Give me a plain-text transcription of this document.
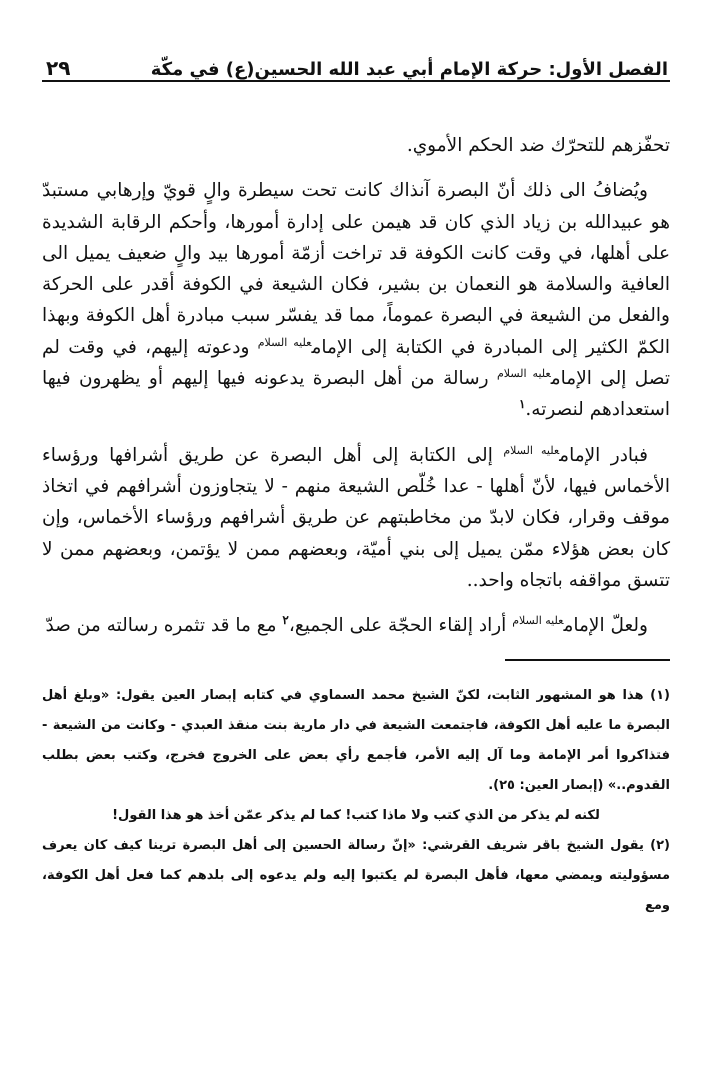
الفصل الأول: حركة الإمام أبي عبد الله الحسين(ع) في مكّة
٢٩

تحفّزهم للتحرّك ضد الحكم الأموي.

ويُضافُ الى ذلك أنّ البصرة آنذاك كانت تحت سيطرة والٍ قويّ وإرهابي مستبدّ هو عبيدالله بن زياد الذي كان قد هيمن على إدارة أمورها، وأحكم الرقابة الشديدة على أهلها، في وقت كانت الكوفة قد تراخت أزمّة أمورها بيد والٍ ضعيف يميل الى العافية والسلامة هو النعمان بن بشير، فكان الشيعة في الكوفة أقدر على الحركة والفعل من الشيعة في البصرة عموماً، مما قد يفسّر سبب مبادرة أهل الكوفة وبهذا الكمّ الكثير إلى المبادرة في الكتابة إلى الإمام$^{عليه السلام}$ ودعوته إليهم، في وقت لم تصل إلى الإمام$^{عليه السلام}$ رسالة من أهل البصرة يدعونه فيها إليهم أو يظهرون فيها استعدادهم لنصرته.$^١$

فبادر الإمام$^{عليه السلام}$ إلى الكتابة إلى أهل البصرة عن طريق أشرافها ورؤساء الأخماس فيها، لأنّ أهلها - عدا خُلّص الشيعة منهم - لا يتجاوزون أشرافهم في اتخاذ موقف وقرار، فكان لابدّ من مخاطبتهم عن طريق أشرافهم ورؤساء الأخماس، وإن كان بعض هؤلاء ممّن يميل إلى بني أميّة، وبعضهم ممن لا يؤتمن، وبعضهم ممن لا تتسق مواقفه باتجاه واحد..

ولعلّ الإمام$^{عليه السلام}$ أراد إلقاء الحجّة على الجميع،$^٢$ مع ما قد تثمره رسالته من صدّ

(١) هذا هو المشهور الثابت، لكنّ الشيخ محمد السماوي في كتابه إبصار العين يقول: «وبلغ أهل البصرة ما عليه أهل الكوفة، فاجتمعت الشيعة في دار مارية بنت منقذ العبدي - وكانت من الشيعة - فتذاكروا أمر الإمامة وما آل إليه الأمر، فأجمع رأي بعض على الخروج فخرج، وكتب بعض بطلب القدوم..» (إبصار العين: ٢٥).

لكنه لم يذكر من الذي كتب ولا ماذا كتب! كما لم يذكر عمّن أخذ هو هذا القول!

(٢) يقول الشيخ باقر شريف القرشي: «إنّ رسالة الحسين إلى أهل البصرة ترينا كيف كان يعرف مسؤوليته ويمضي معها، فأهل البصرة لم يكتبوا إليه ولم يدعوه إلى بلدهم كما فعل أهل الكوفة، ومع
